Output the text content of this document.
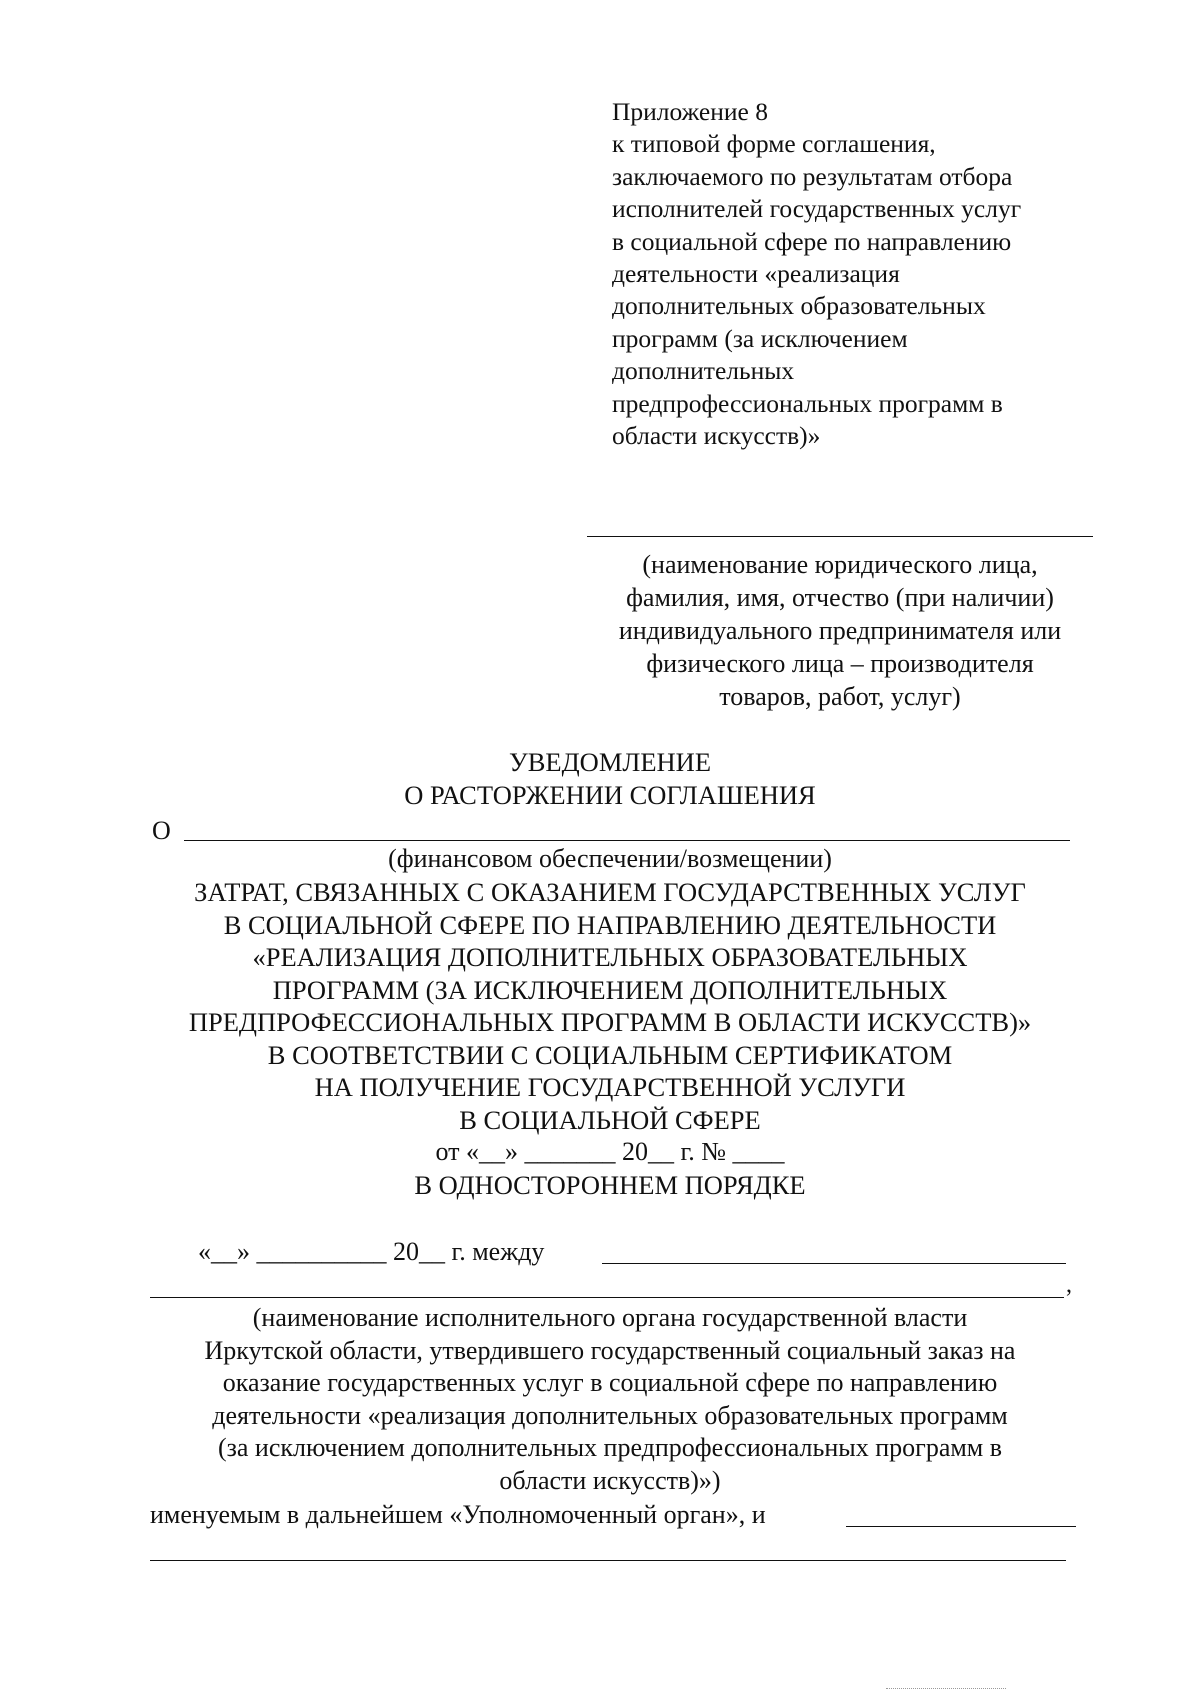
Приложение 8
к типовой форме соглашения,
заключаемого по результатам отбора
исполнителей государственных услуг
в социальной сфере по направлению
деятельности «реализация
дополнительных образовательных
программ (за исключением
дополнительных
предпрофессиональных программ в
области искусств)»
(наименование юридического лица,
фамилия, имя, отчество (при наличии)
индивидуального предпринимателя или
физического лица – производителя
товаров, работ, услуг)
УВЕДОМЛЕНИЕ
О РАСТОРЖЕНИИ СОГЛАШЕНИЯ
О
(финансовом обеспечении/возмещении)
ЗАТРАТ, СВЯЗАННЫХ С ОКАЗАНИЕМ ГОСУДАРСТВЕННЫХ УСЛУГ
В СОЦИАЛЬНОЙ СФЕРЕ ПО НАПРАВЛЕНИЮ ДЕЯТЕЛЬНОСТИ
«РЕАЛИЗАЦИЯ ДОПОЛНИТЕЛЬНЫХ ОБРАЗОВАТЕЛЬНЫХ
ПРОГРАММ (ЗА ИСКЛЮЧЕНИЕМ ДОПОЛНИТЕЛЬНЫХ
ПРЕДПРОФЕССИОНАЛЬНЫХ ПРОГРАММ В ОБЛАСТИ ИСКУССТВ)»
В СООТВЕТСТВИИ С СОЦИАЛЬНЫМ СЕРТИФИКАТОМ
НА ПОЛУЧЕНИЕ ГОСУДАРСТВЕННОЙ УСЛУГИ
В СОЦИАЛЬНОЙ СФЕРЕ
от «__» _______ 20__ г. № ____
В ОДНОСТОРОННЕМ ПОРЯДКЕ
«__» __________ 20__ г. между
,
(наименование исполнительного органа государственной власти
Иркутской области, утвердившего государственный социальный заказ на
оказание государственных услуг в социальной сфере по направлению
деятельности «реализация дополнительных образовательных программ
(за исключением дополнительных предпрофессиональных программ в
области искусств)»)
именуемым в дальнейшем «Уполномоченный орган», и
